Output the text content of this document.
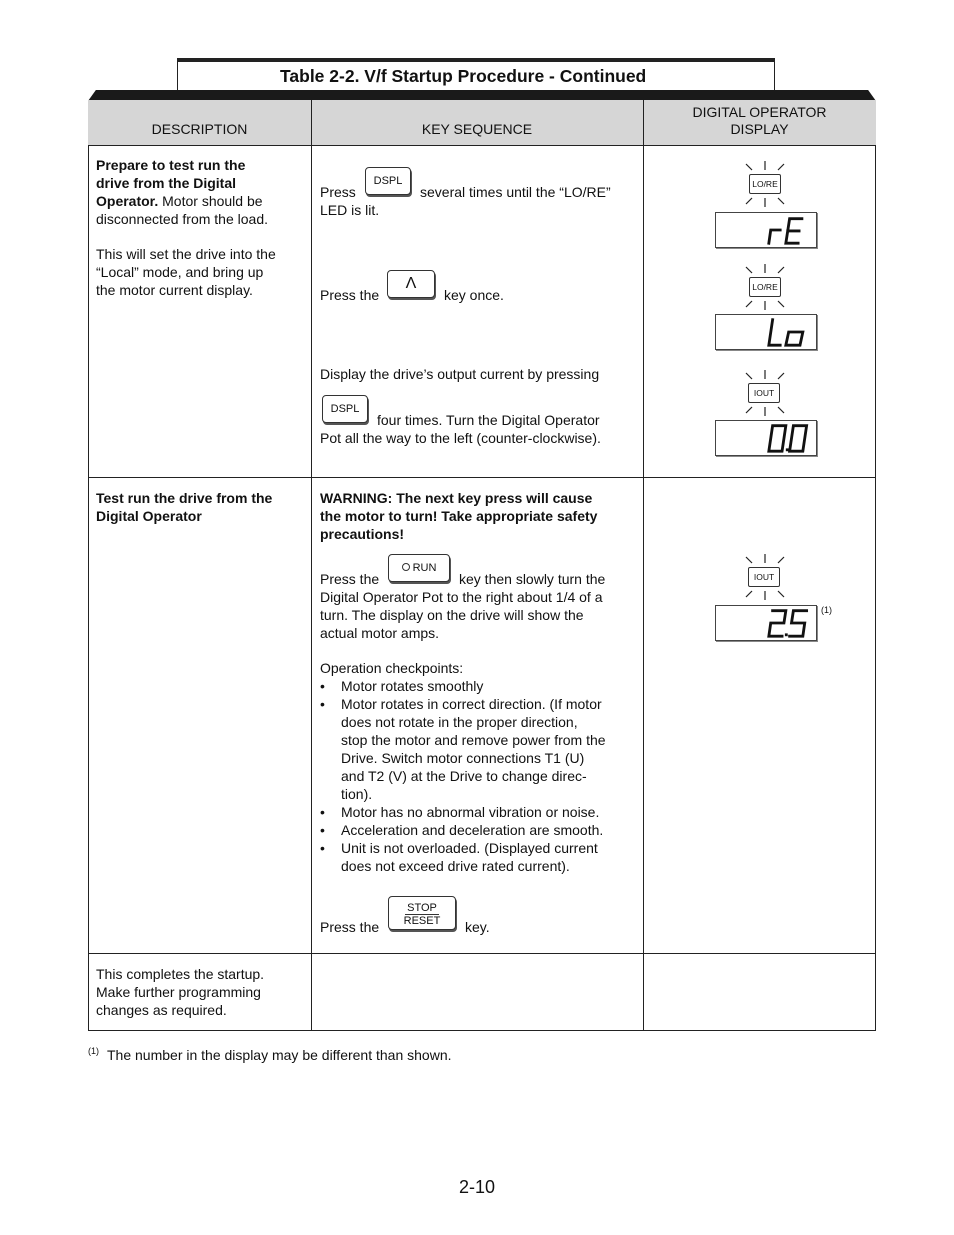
Table 2-2. V/f Startup Procedure - Continued
DESCRIPTION	KEY SEQUENCE
DIGITAL OPERATOR
DISPLAY
Prepare to test run the
drive from the Digital
Operator. Motor should be
disconnected from the load.
This will set the drive into the
“Local” mode, and bring up
the motor current display.
Press
DSPL
several times until the “LO/RE”
LED is lit.
Press the
Λ
key once.
Display the drive’s output current by pressing
DSPL
four times. Turn the Digital Operator
Pot all the way to the left (counter-clockwise).
LO/RE
LO/RE
IOUT
Test run the drive from the
Digital Operator
WARNING: The next key press will cause
the motor to turn! Take appropriate safety
precautions!
Press the
RUN
key then slowly turn the
Digital Operator Pot to the right about 1/4 of a
turn. The display on the drive will show the
actual motor amps.
Operation checkpoints:
• Motor rotates smoothly
• Motor rotates in correct direction. (If motor
does not rotate in the proper direction,
stop the motor and remove power from the
Drive. Switch motor connections T1 (U)
and T2 (V) at the Drive to change direc-
tion).
• Motor has no abnormal vibration or noise.
• Acceleration and deceleration are smooth.
• Unit is not overloaded. (Displayed current
does not exceed drive rated current).
Press the
STOP
RESET	key.
IOUT
(1)
This completes the startup.
Make further programming
changes as required.
(1) The number in the display may be different than shown.
2-10
